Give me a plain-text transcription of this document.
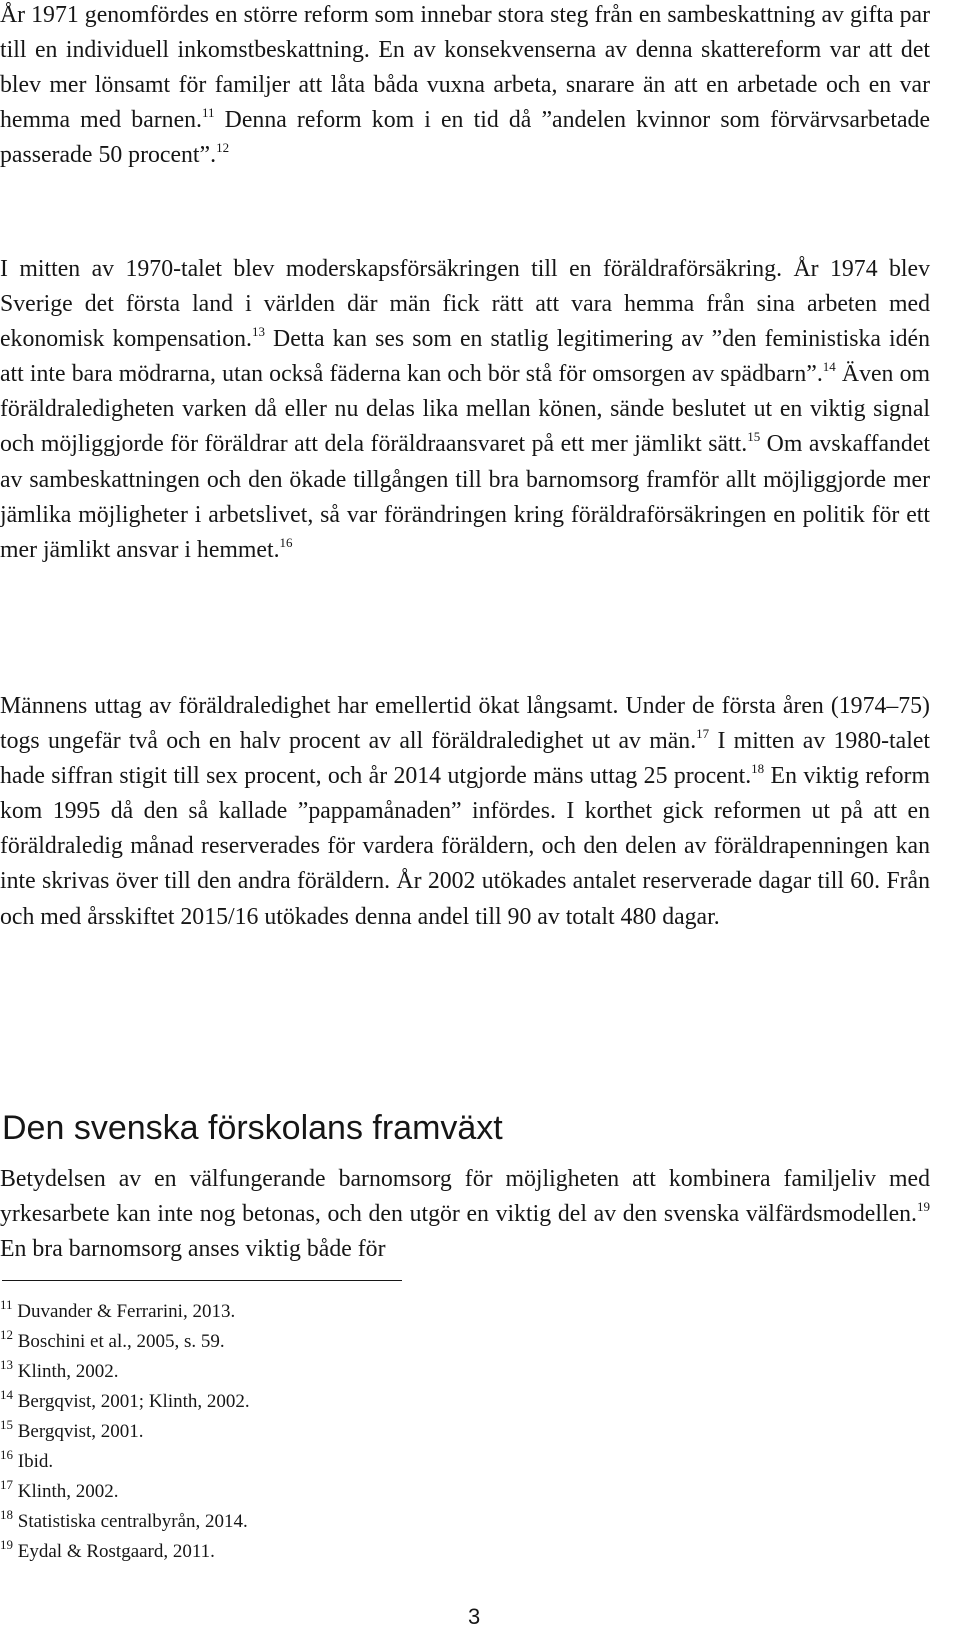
År 1971 genomfördes en större reform som innebar stora steg från en sambeskattning av gifta par till en individuell inkomstbeskattning. En av konsekvenserna av denna skattereform var att det blev mer lönsamt för familjer att låta båda vuxna arbeta, snarare än att en arbetade och en var hemma med barnen.$^{11}$ Denna reform kom i en tid då ”andelen kvinnor som förvärvsarbetade passerade 50 procent”.$^{12}$

I mitten av 1970-talet blev moderskapsförsäkringen till en föräldraförsäkring. År 1974 blev Sverige det första land i världen där män fick rätt att vara hemma från sina arbeten med ekonomisk kompensation.$^{13}$ Detta kan ses som en statlig legitimering av ”den feministiska idén att inte bara mödrarna, utan också fäderna kan och bör stå för omsorgen av spädbarn”.$^{14}$ Även om föräldraledigheten varken då eller nu delas lika mellan könen, sände beslutet ut en viktig signal och möjliggjorde för föräldrar att dela föräldraansvaret på ett mer jämlikt sätt.$^{15}$ Om avskaffandet av sambeskattningen och den ökade tillgången till bra barnomsorg framför allt möjliggjorde mer jämlika möjligheter i arbetslivet, så var förändringen kring föräldraförsäkringen en politik för ett mer jämlikt ansvar i hemmet.$^{16}$

Männens uttag av föräldraledighet har emellertid ökat långsamt. Under de första åren (1974–75) togs ungefär två och en halv procent av all föräldraledighet ut av män.$^{17}$ I mitten av 1980-talet hade siffran stigit till sex procent, och år 2014 utgjorde mäns uttag 25 procent.$^{18}$ En viktig reform kom 1995 då den så kallade ”pappamånaden” infördes. I korthet gick reformen ut på att en föräldraledig månad reserverades för vardera föräldern, och den delen av föräldrapenningen kan inte skrivas över till den andra föräldern. År 2002 utökades antalet reserverade dagar till 60. Från och med årsskiftet 2015/16 utökades denna andel till 90 av totalt 480 dagar.

Den svenska förskolans framväxt

Betydelsen av en välfungerande barnomsorg för möjligheten att kombinera familjeliv med yrkesarbete kan inte nog betonas, och den utgör en viktig del av den svenska välfärdsmodellen.$^{19}$ En bra barnomsorg anses viktig både för

$^{11}$ Duvander & Ferrarini, 2013.
$^{12}$ Boschini et al., 2005, s. 59.
$^{13}$ Klinth, 2002.
$^{14}$ Bergqvist, 2001; Klinth, 2002.
$^{15}$ Bergqvist, 2001.
$^{16}$ Ibid.
$^{17}$ Klinth, 2002.
$^{18}$ Statistiska centralbyrån, 2014.
$^{19}$ Eydal & Rostgaard, 2011.
3
